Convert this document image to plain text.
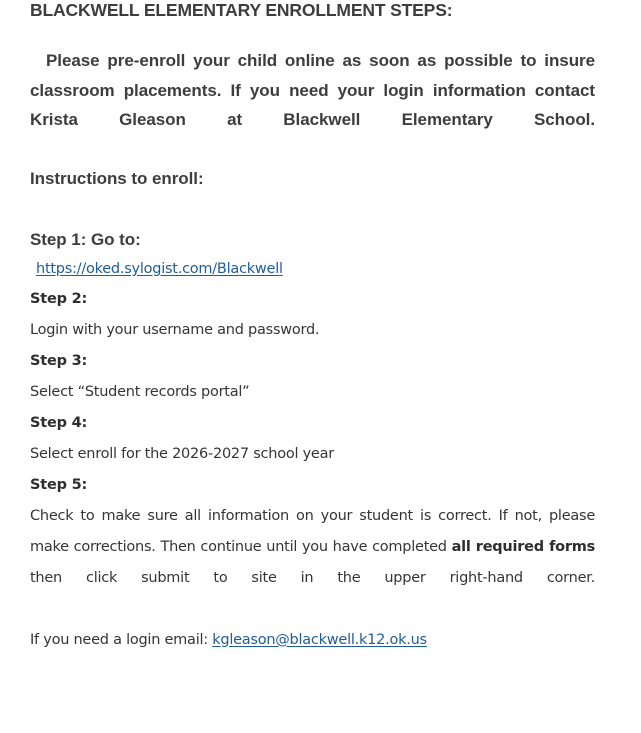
BLACKWELL ELEMENTARY ENROLLMENT STEPS:

Please pre-enroll your child online as soon as possible to insure classroom placements. If you need your login information contact Krista Gleason at Blackwell Elementary School.

Instructions to enroll:

Step 1: Go to:

https://oked.sylogist.com/Blackwell

Step 2:

Login with your username and password.

Step 3:

Select “Student records portal”

Step 4:

Select enroll for the 2026-2027 school year

Step 5:

Check to make sure all information on your student is correct. If not, please make corrections. Then continue until you have completed all required forms then click submit to site in the upper right-hand corner.

If you need a login email: kgleason@blackwell.k12.ok.us
